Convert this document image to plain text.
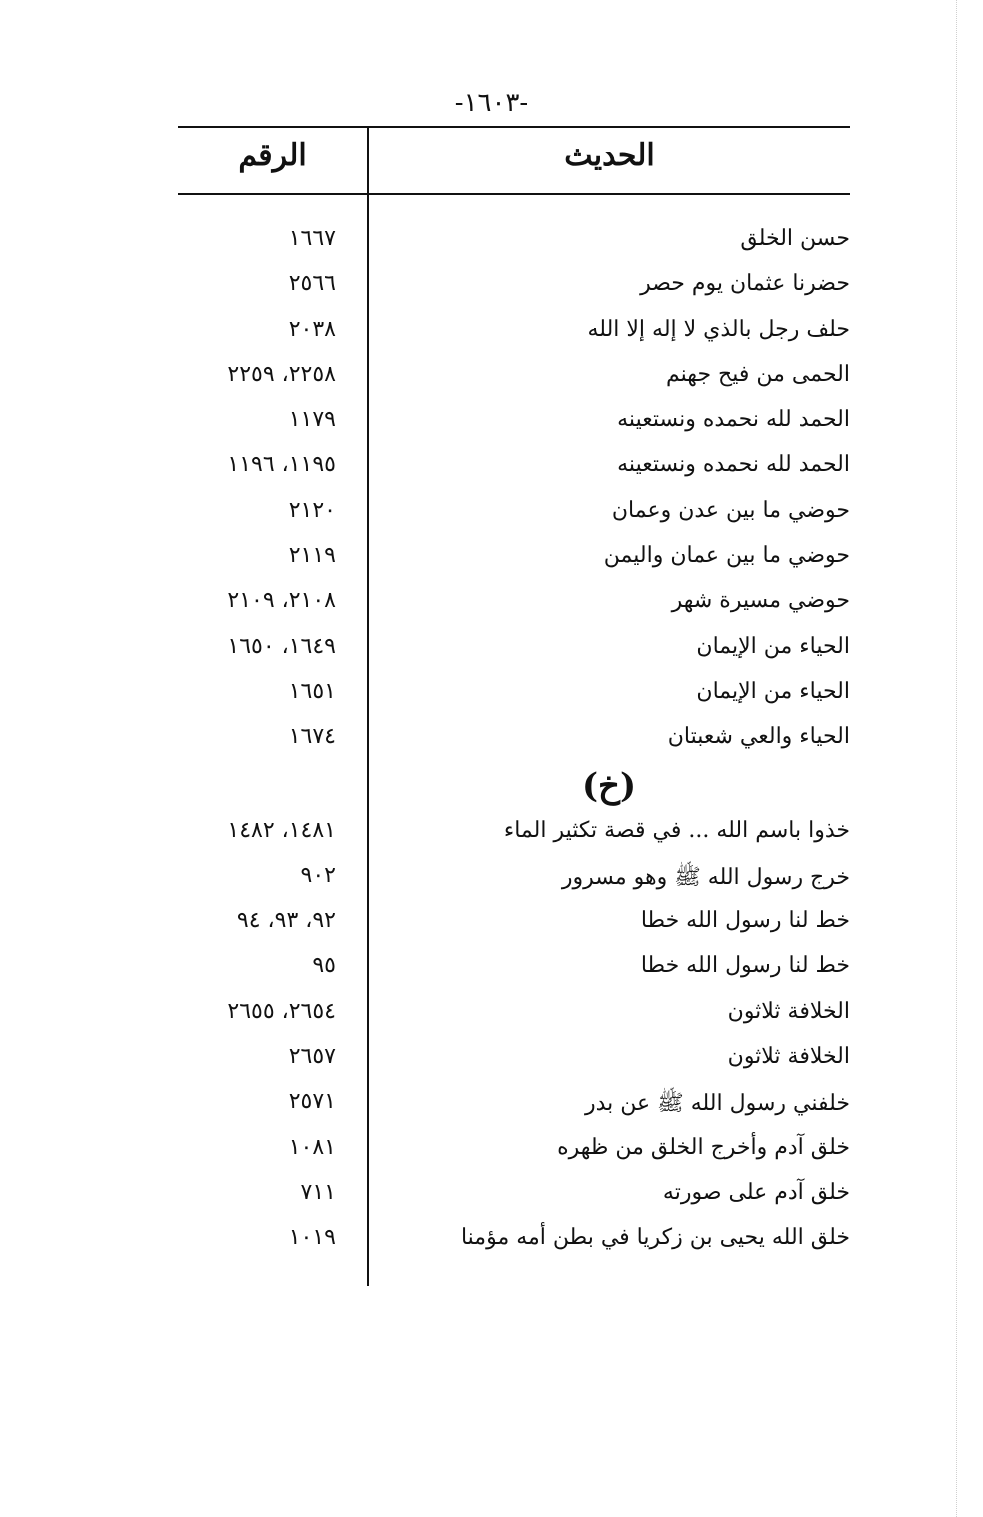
-١٦٠٣-
الحديث
الرقم
حسن الخلق
١٦٦٧
حضرنا عثمان يوم حصر
٢٥٦٦
حلف رجل بالذي لا إله إلا الله
٢٠٣٨
الحمى من فيح جهنم
٢٢٥٨، ٢٢٥٩
الحمد لله نحمده ونستعينه
١١٧٩
الحمد لله نحمده ونستعينه
١١٩٥، ١١٩٦
حوضي ما بين عدن وعمان
٢١٢٠
حوضي ما بين عمان واليمن
٢١١٩
حوضي مسيرة شهر
٢١٠٨، ٢١٠٩
الحياء من الإيمان
١٦٤٩، ١٦٥٠
الحياء من الإيمان
١٦٥١
الحياء والعي شعبتان
١٦٧٤
(خ)
خذوا باسم الله ... في قصة تكثير الماء
١٤٨١، ١٤٨٢
خرج رسول الله ﷺ وهو مسرور
٩٠٢
خط لنا رسول الله خطا
٩٢، ٩٣، ٩٤
خط لنا رسول الله خطا
٩٥
الخلافة ثلاثون
٢٦٥٤، ٢٦٥٥
الخلافة ثلاثون
٢٦٥٧
خلفني رسول الله ﷺ عن بدر
٢٥٧١
خلق آدم وأخرج الخلق من ظهره
١٠٨١
خلق آدم على صورته
٧١١
خلق الله يحيى بن زكريا في بطن أمه مؤمنا
١٠١٩
